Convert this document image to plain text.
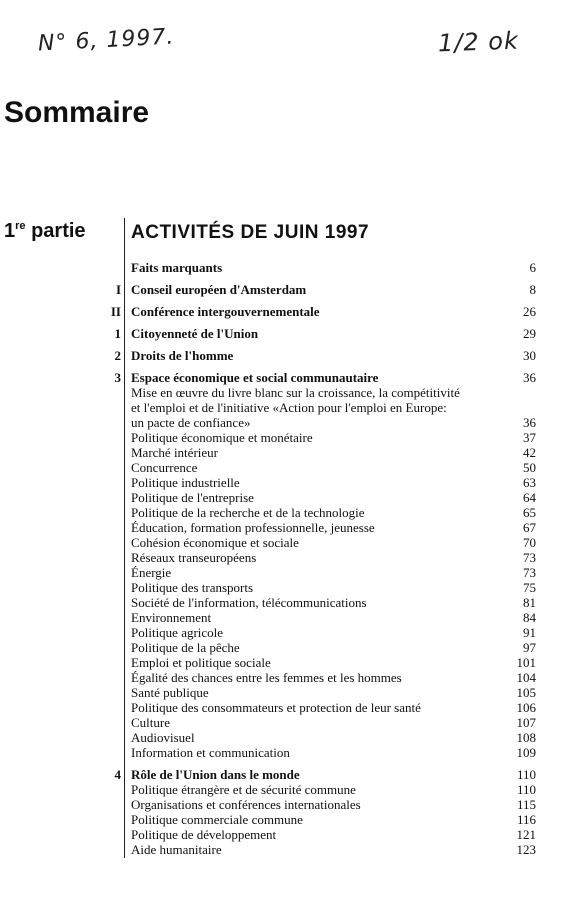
N° 6, 1997.	1/2 ok
Sommaire
1re partie ACTIVITÉS DE JUIN 1997
Faits marquants	6
I Conseil européen d'Amsterdam	8
II Conférence intergouvernementale	26
1 Citoyenneté de l'Union	29
2 Droits de l'homme	30
3 Espace économique et social communautaire	36
Mise en œuvre du livre blanc sur la croissance, la compétitivité
et l'emploi et de l'initiative «Action pour l'emploi en Europe:
un pacte de confiance»	36
Politique économique et monétaire	37
Marché intérieur	42
Concurrence	50
Politique industrielle	63
Politique de l'entreprise	64
Politique de la recherche et de la technologie	65
Éducation, formation professionnelle, jeunesse	67
Cohésion économique et sociale	70
Réseaux transeuropéens	73
Énergie	73
Politique des transports	75
Société de l'information, télécommunications	81
Environnement	84
Politique agricole	91
Politique de la pêche	97
Emploi et politique sociale	101
Égalité des chances entre les femmes et les hommes	104
Santé publique	105
Politique des consommateurs et protection de leur santé	106
Culture	107
Audiovisuel	108
Information et communication	109
4 Rôle de l'Union dans le monde	110
Politique étrangère et de sécurité commune	110
Organisations et conférences internationales	115
Politique commerciale commune	116
Politique de développement	121
Aide humanitaire	123
